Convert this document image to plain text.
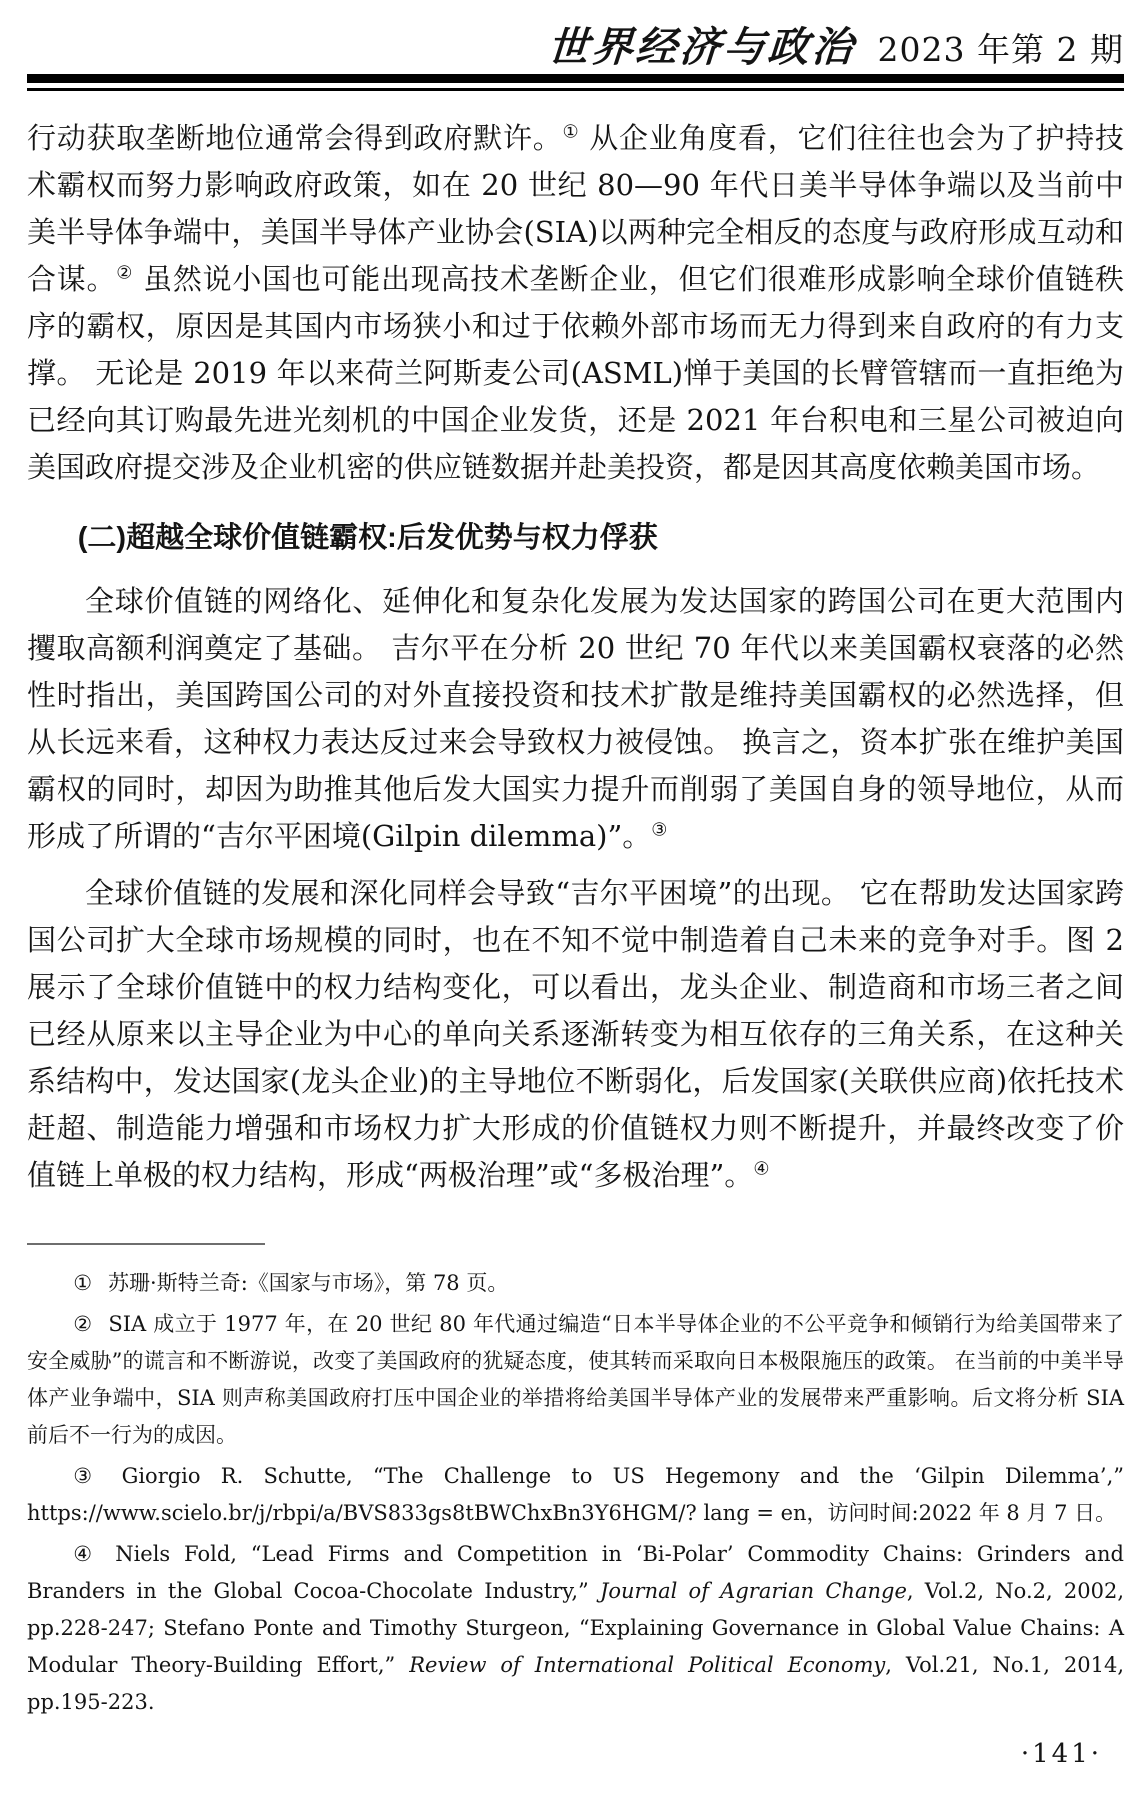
世界经济与政治 2023 年第 2 期

行动获取垄断地位通常会得到政府默许。① 从企业角度看，它们往往也会为了护持技术霸权而努力影响政府政策，如在 20 世纪 80—90 年代日美半导体争端以及当前中美半导体争端中，美国半导体产业协会(SIA)以两种完全相反的态度与政府形成互动和合谋。② 虽然说小国也可能出现高技术垄断企业，但它们很难形成影响全球价值链秩序的霸权，原因是其国内市场狭小和过于依赖外部市场而无力得到来自政府的有力支撑。 无论是 2019 年以来荷兰阿斯麦公司(ASML)惮于美国的长臂管辖而一直拒绝为已经向其订购最先进光刻机的中国企业发货，还是 2021 年台积电和三星公司被迫向美国政府提交涉及企业机密的供应链数据并赴美投资，都是因其高度依赖美国市场。

(二)超越全球价值链霸权:后发优势与权力俘获

全球价值链的网络化、延伸化和复杂化发展为发达国家的跨国公司在更大范围内攫取高额利润奠定了基础。 吉尔平在分析 20 世纪 70 年代以来美国霸权衰落的必然性时指出，美国跨国公司的对外直接投资和技术扩散是维持美国霸权的必然选择，但从长远来看，这种权力表达反过来会导致权力被侵蚀。 换言之，资本扩张在维护美国霸权的同时，却因为助推其他后发大国实力提升而削弱了美国自身的领导地位，从而形成了所谓的“吉尔平困境(Gilpin dilemma)”。③

全球价值链的发展和深化同样会导致“吉尔平困境”的出现。 它在帮助发达国家跨国公司扩大全球市场规模的同时，也在不知不觉中制造着自己未来的竞争对手。图 2 展示了全球价值链中的权力结构变化，可以看出，龙头企业、制造商和市场三者之间已经从原来以主导企业为中心的单向关系逐渐转变为相互依存的三角关系，在这种关系结构中，发达国家(龙头企业)的主导地位不断弱化，后发国家(关联供应商)依托技术赶超、制造能力增强和市场权力扩大形成的价值链权力则不断提升，并最终改变了价值链上单极的权力结构，形成“两极治理”或“多极治理”。④

① 苏珊·斯特兰奇:《国家与市场》，第 78 页。

② SIA 成立于 1977 年，在 20 世纪 80 年代通过编造“日本半导体企业的不公平竞争和倾销行为给美国带来了安全威胁”的谎言和不断游说，改变了美国政府的犹疑态度，使其转而采取向日本极限施压的政策。 在当前的中美半导体产业争端中，SIA 则声称美国政府打压中国企业的举措将给美国半导体产业的发展带来严重影响。后文将分析 SIA 前后不一行为的成因。

③ Giorgio R. Schutte, “The Challenge to US Hegemony and the ‘Gilpin Dilemma’,” https://www.scielo.br/j/rbpi/a/BVS833gs8tBWChxBn3Y6HGM/? lang = en，访问时间:2022 年 8 月 7 日。

④ Niels Fold, “Lead Firms and Competition in ‘Bi-Polar’ Commodity Chains: Grinders and Branders in the Global Cocoa-Chocolate Industry,” Journal of Agrarian Change, Vol.2, No.2, 2002, pp.228-247; Stefano Ponte and Timothy Sturgeon, “Explaining Governance in Global Value Chains: A Modular Theory-Building Effort,” Review of International Political Economy, Vol.21, No.1, 2014, pp.195-223.

·141·
